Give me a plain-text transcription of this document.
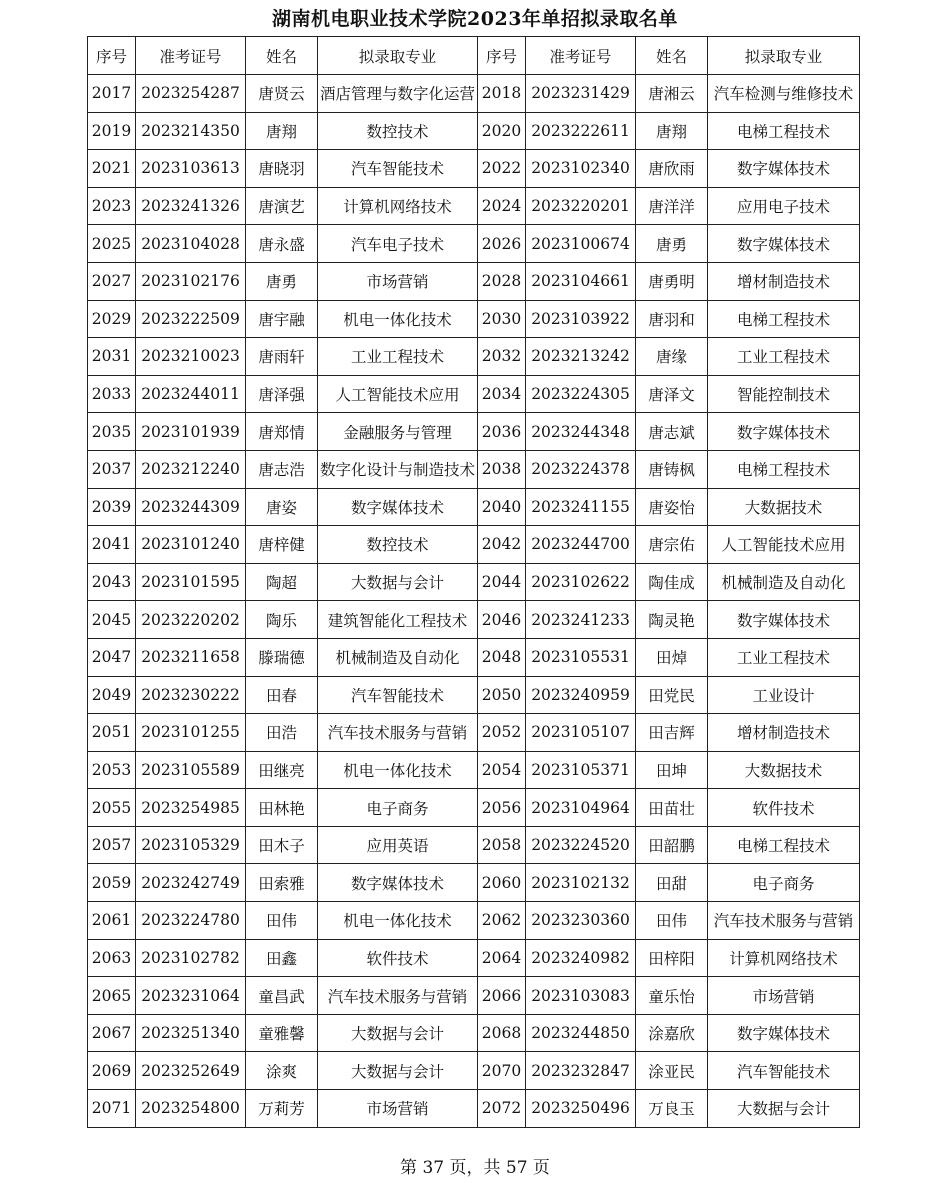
湖南机电职业技术学院2023年单招拟录取名单
序号	准考证号	姓名	拟录取专业	序号	准考证号	姓名	拟录取专业
2017	2023254287	唐贤云	酒店管理与数字化运营	2018	2023231429	唐湘云	汽车检测与维修技术
2019	2023214350	唐翔	数控技术	2020	2023222611	唐翔	电梯工程技术
2021	2023103613	唐晓羽	汽车智能技术	2022	2023102340	唐欣雨	数字媒体技术
2023	2023241326	唐演艺	计算机网络技术	2024	2023220201	唐洋洋	应用电子技术
2025	2023104028	唐永盛	汽车电子技术	2026	2023100674	唐勇	数字媒体技术
2027	2023102176	唐勇	市场营销	2028	2023104661	唐勇明	增材制造技术
2029	2023222509	唐宇融	机电一体化技术	2030	2023103922	唐羽和	电梯工程技术
2031	2023210023	唐雨轩	工业工程技术	2032	2023213242	唐缘	工业工程技术
2033	2023244011	唐泽强	人工智能技术应用	2034	2023224305	唐泽文	智能控制技术
2035	2023101939	唐郑情	金融服务与管理	2036	2023244348	唐志斌	数字媒体技术
2037	2023212240	唐志浩	数字化设计与制造技术	2038	2023224378	唐铸枫	电梯工程技术
2039	2023244309	唐姿	数字媒体技术	2040	2023241155	唐姿怡	大数据技术
2041	2023101240	唐梓健	数控技术	2042	2023244700	唐宗佑	人工智能技术应用
2043	2023101595	陶超	大数据与会计	2044	2023102622	陶佳成	机械制造及自动化
2045	2023220202	陶乐	建筑智能化工程技术	2046	2023241233	陶灵艳	数字媒体技术
2047	2023211658	滕瑞德	机械制造及自动化	2048	2023105531	田焯	工业工程技术
2049	2023230222	田春	汽车智能技术	2050	2023240959	田党民	工业设计
2051	2023101255	田浩	汽车技术服务与营销	2052	2023105107	田吉辉	增材制造技术
2053	2023105589	田继亮	机电一体化技术	2054	2023105371	田坤	大数据技术
2055	2023254985	田林艳	电子商务	2056	2023104964	田苗壮	软件技术
2057	2023105329	田木子	应用英语	2058	2023224520	田韶鹏	电梯工程技术
2059	2023242749	田索雅	数字媒体技术	2060	2023102132	田甜	电子商务
2061	2023224780	田伟	机电一体化技术	2062	2023230360	田伟	汽车技术服务与营销
2063	2023102782	田鑫	软件技术	2064	2023240982	田梓阳	计算机网络技术
2065	2023231064	童昌武	汽车技术服务与营销	2066	2023103083	童乐怡	市场营销
2067	2023251340	童雅馨	大数据与会计	2068	2023244850	涂嘉欣	数字媒体技术
2069	2023252649	涂爽	大数据与会计	2070	2023232847	涂亚民	汽车智能技术
2071	2023254800	万莉芳	市场营销	2072	2023250496	万良玉	大数据与会计
第 37 页，共 57 页
